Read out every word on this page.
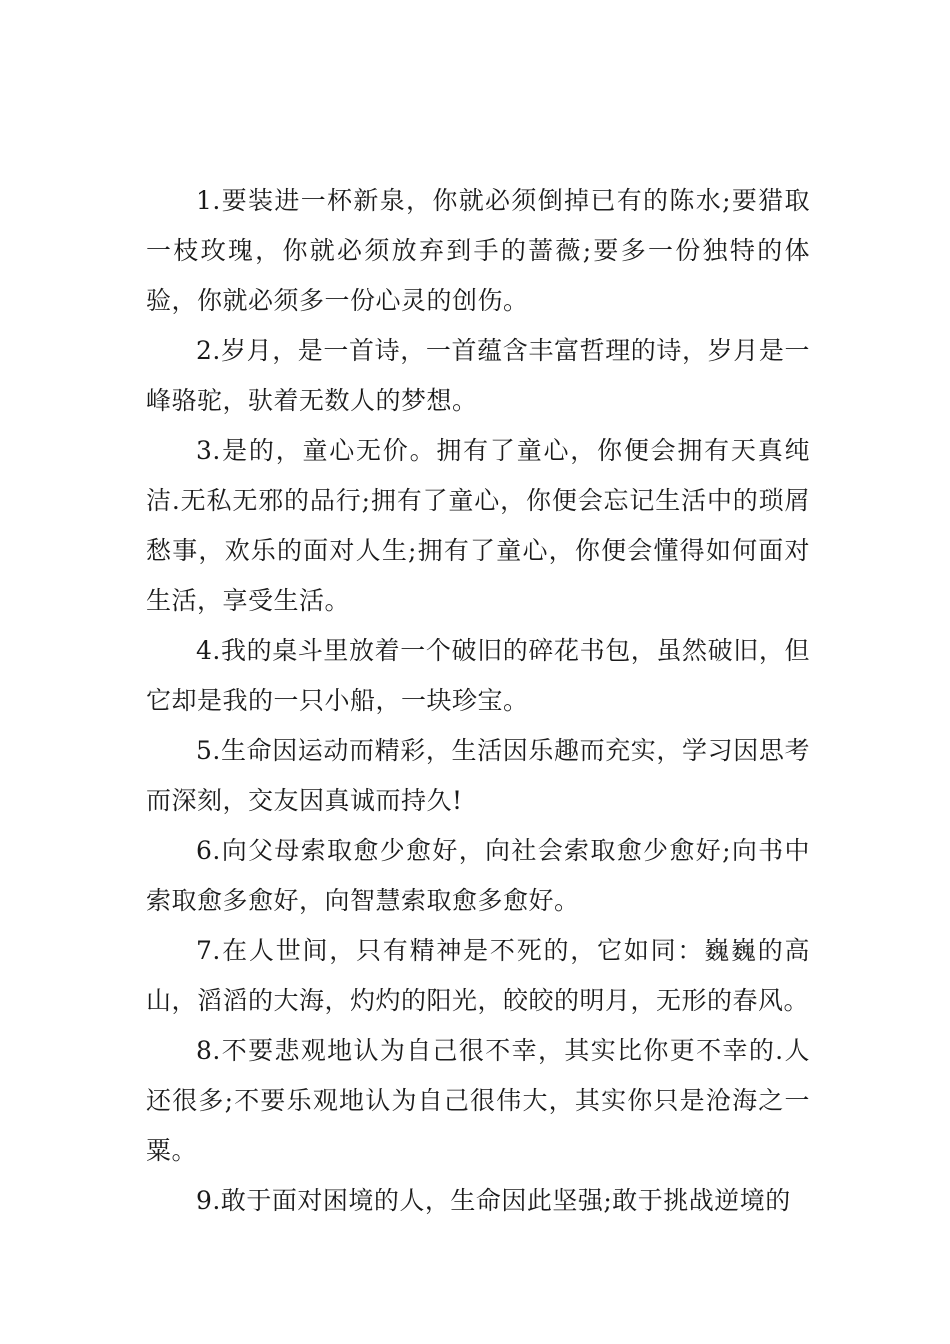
1.要装进一杯新泉，你就必须倒掉已有的陈水;要猎取一枝玫瑰，你就必须放弃到手的蔷薇;要多一份独特的体验，你就必须多一份心灵的创伤。

2.岁月，是一首诗，一首蕴含丰富哲理的诗，岁月是一峰骆驼，驮着无数人的梦想。

3.是的，童心无价。拥有了童心，你便会拥有天真纯洁.无私无邪的品行;拥有了童心，你便会忘记生活中的琐屑愁事，欢乐的面对人生;拥有了童心，你便会懂得如何面对生活，享受生活。

4.我的桌斗里放着一个破旧的碎花书包，虽然破旧，但它却是我的一只小船，一块珍宝。

5.生命因运动而精彩，生活因乐趣而充实，学习因思考而深刻，交友因真诚而持久!

6.向父母索取愈少愈好，向社会索取愈少愈好;向书中索取愈多愈好，向智慧索取愈多愈好。

7.在人世间，只有精神是不死的，它如同：巍巍的高山，滔滔的大海，灼灼的阳光，皎皎的明月，无形的春风。

8.不要悲观地认为自己很不幸，其实比你更不幸的.人还很多;不要乐观地认为自己很伟大，其实你只是沧海之一粟。

9.敢于面对困境的人，生命因此坚强;敢于挑战逆境的
